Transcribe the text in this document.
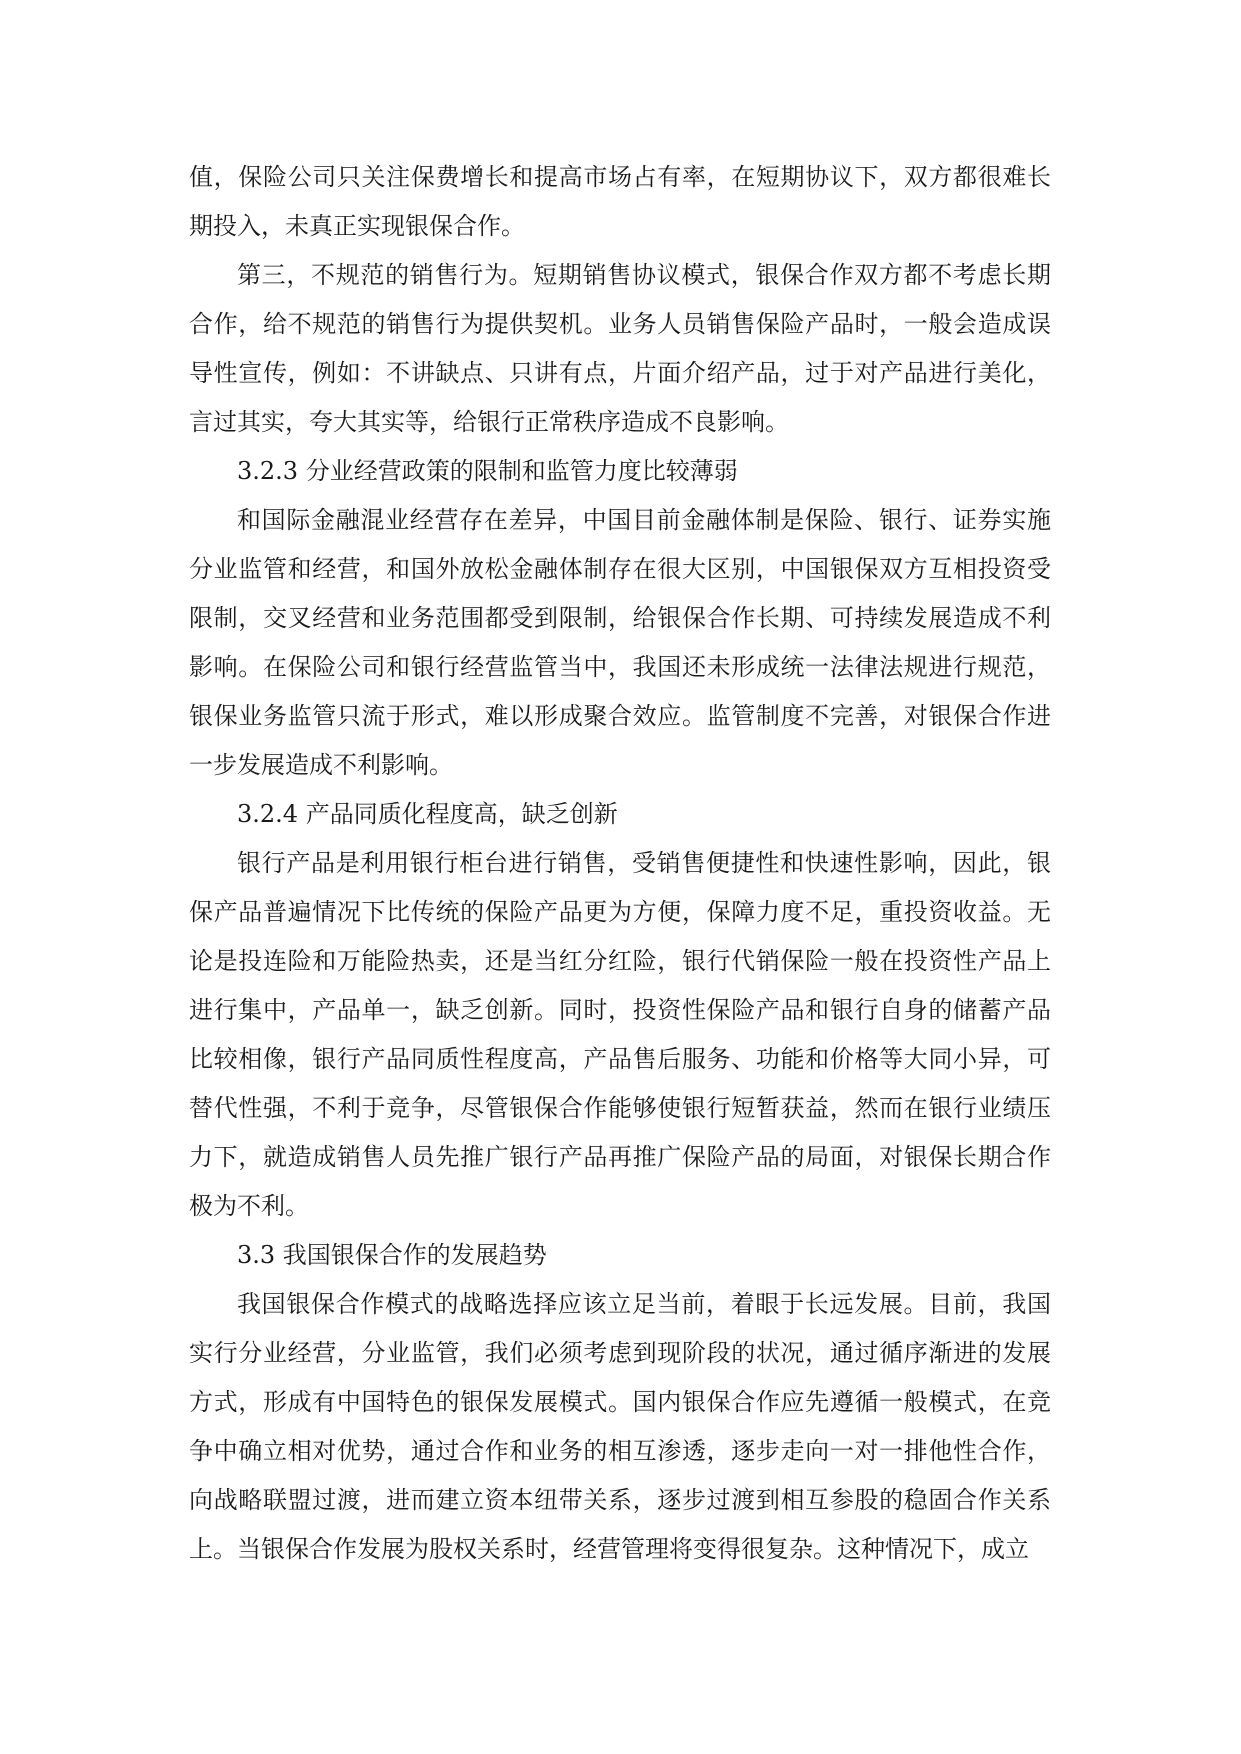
值，保险公司只关注保费增长和提高市场占有率，在短期协议下，双方都很难长期投入，未真正实现银保合作。

第三，不规范的销售行为。短期销售协议模式，银保合作双方都不考虑长期合作，给不规范的销售行为提供契机。业务人员销售保险产品时，一般会造成误导性宣传，例如：不讲缺点、只讲有点，片面介绍产品，过于对产品进行美化，言过其实，夸大其实等，给银行正常秩序造成不良影响。

3.2.3 分业经营政策的限制和监管力度比较薄弱

和国际金融混业经营存在差异，中国目前金融体制是保险、银行、证券实施分业监管和经营，和国外放松金融体制存在很大区别，中国银保双方互相投资受限制，交叉经营和业务范围都受到限制，给银保合作长期、可持续发展造成不利影响。在保险公司和银行经营监管当中，我国还未形成统一法律法规进行规范，银保业务监管只流于形式，难以形成聚合效应。监管制度不完善，对银保合作进一步发展造成不利影响。

3.2.4 产品同质化程度高，缺乏创新

银行产品是利用银行柜台进行销售，受销售便捷性和快速性影响，因此，银保产品普遍情况下比传统的保险产品更为方便，保障力度不足，重投资收益。无论是投连险和万能险热卖，还是当红分红险，银行代销保险一般在投资性产品上进行集中，产品单一，缺乏创新。同时，投资性保险产品和银行自身的储蓄产品比较相像，银行产品同质性程度高，产品售后服务、功能和价格等大同小异，可替代性强，不利于竞争，尽管银保合作能够使银行短暂获益，然而在银行业绩压力下，就造成销售人员先推广银行产品再推广保险产品的局面，对银保长期合作极为不利。

3.3 我国银保合作的发展趋势

我国银保合作模式的战略选择应该立足当前，着眼于长远发展。目前，我国实行分业经营，分业监管，我们必须考虑到现阶段的状况，通过循序渐进的发展方式，形成有中国特色的银保发展模式。国内银保合作应先遵循一般模式，在竞争中确立相对优势，通过合作和业务的相互渗透，逐步走向一对一排他性合作，向战略联盟过渡，进而建立资本纽带关系，逐步过渡到相互参股的稳固合作关系上。当银保合作发展为股权关系时，经营管理将变得很复杂。这种情况下，成立
